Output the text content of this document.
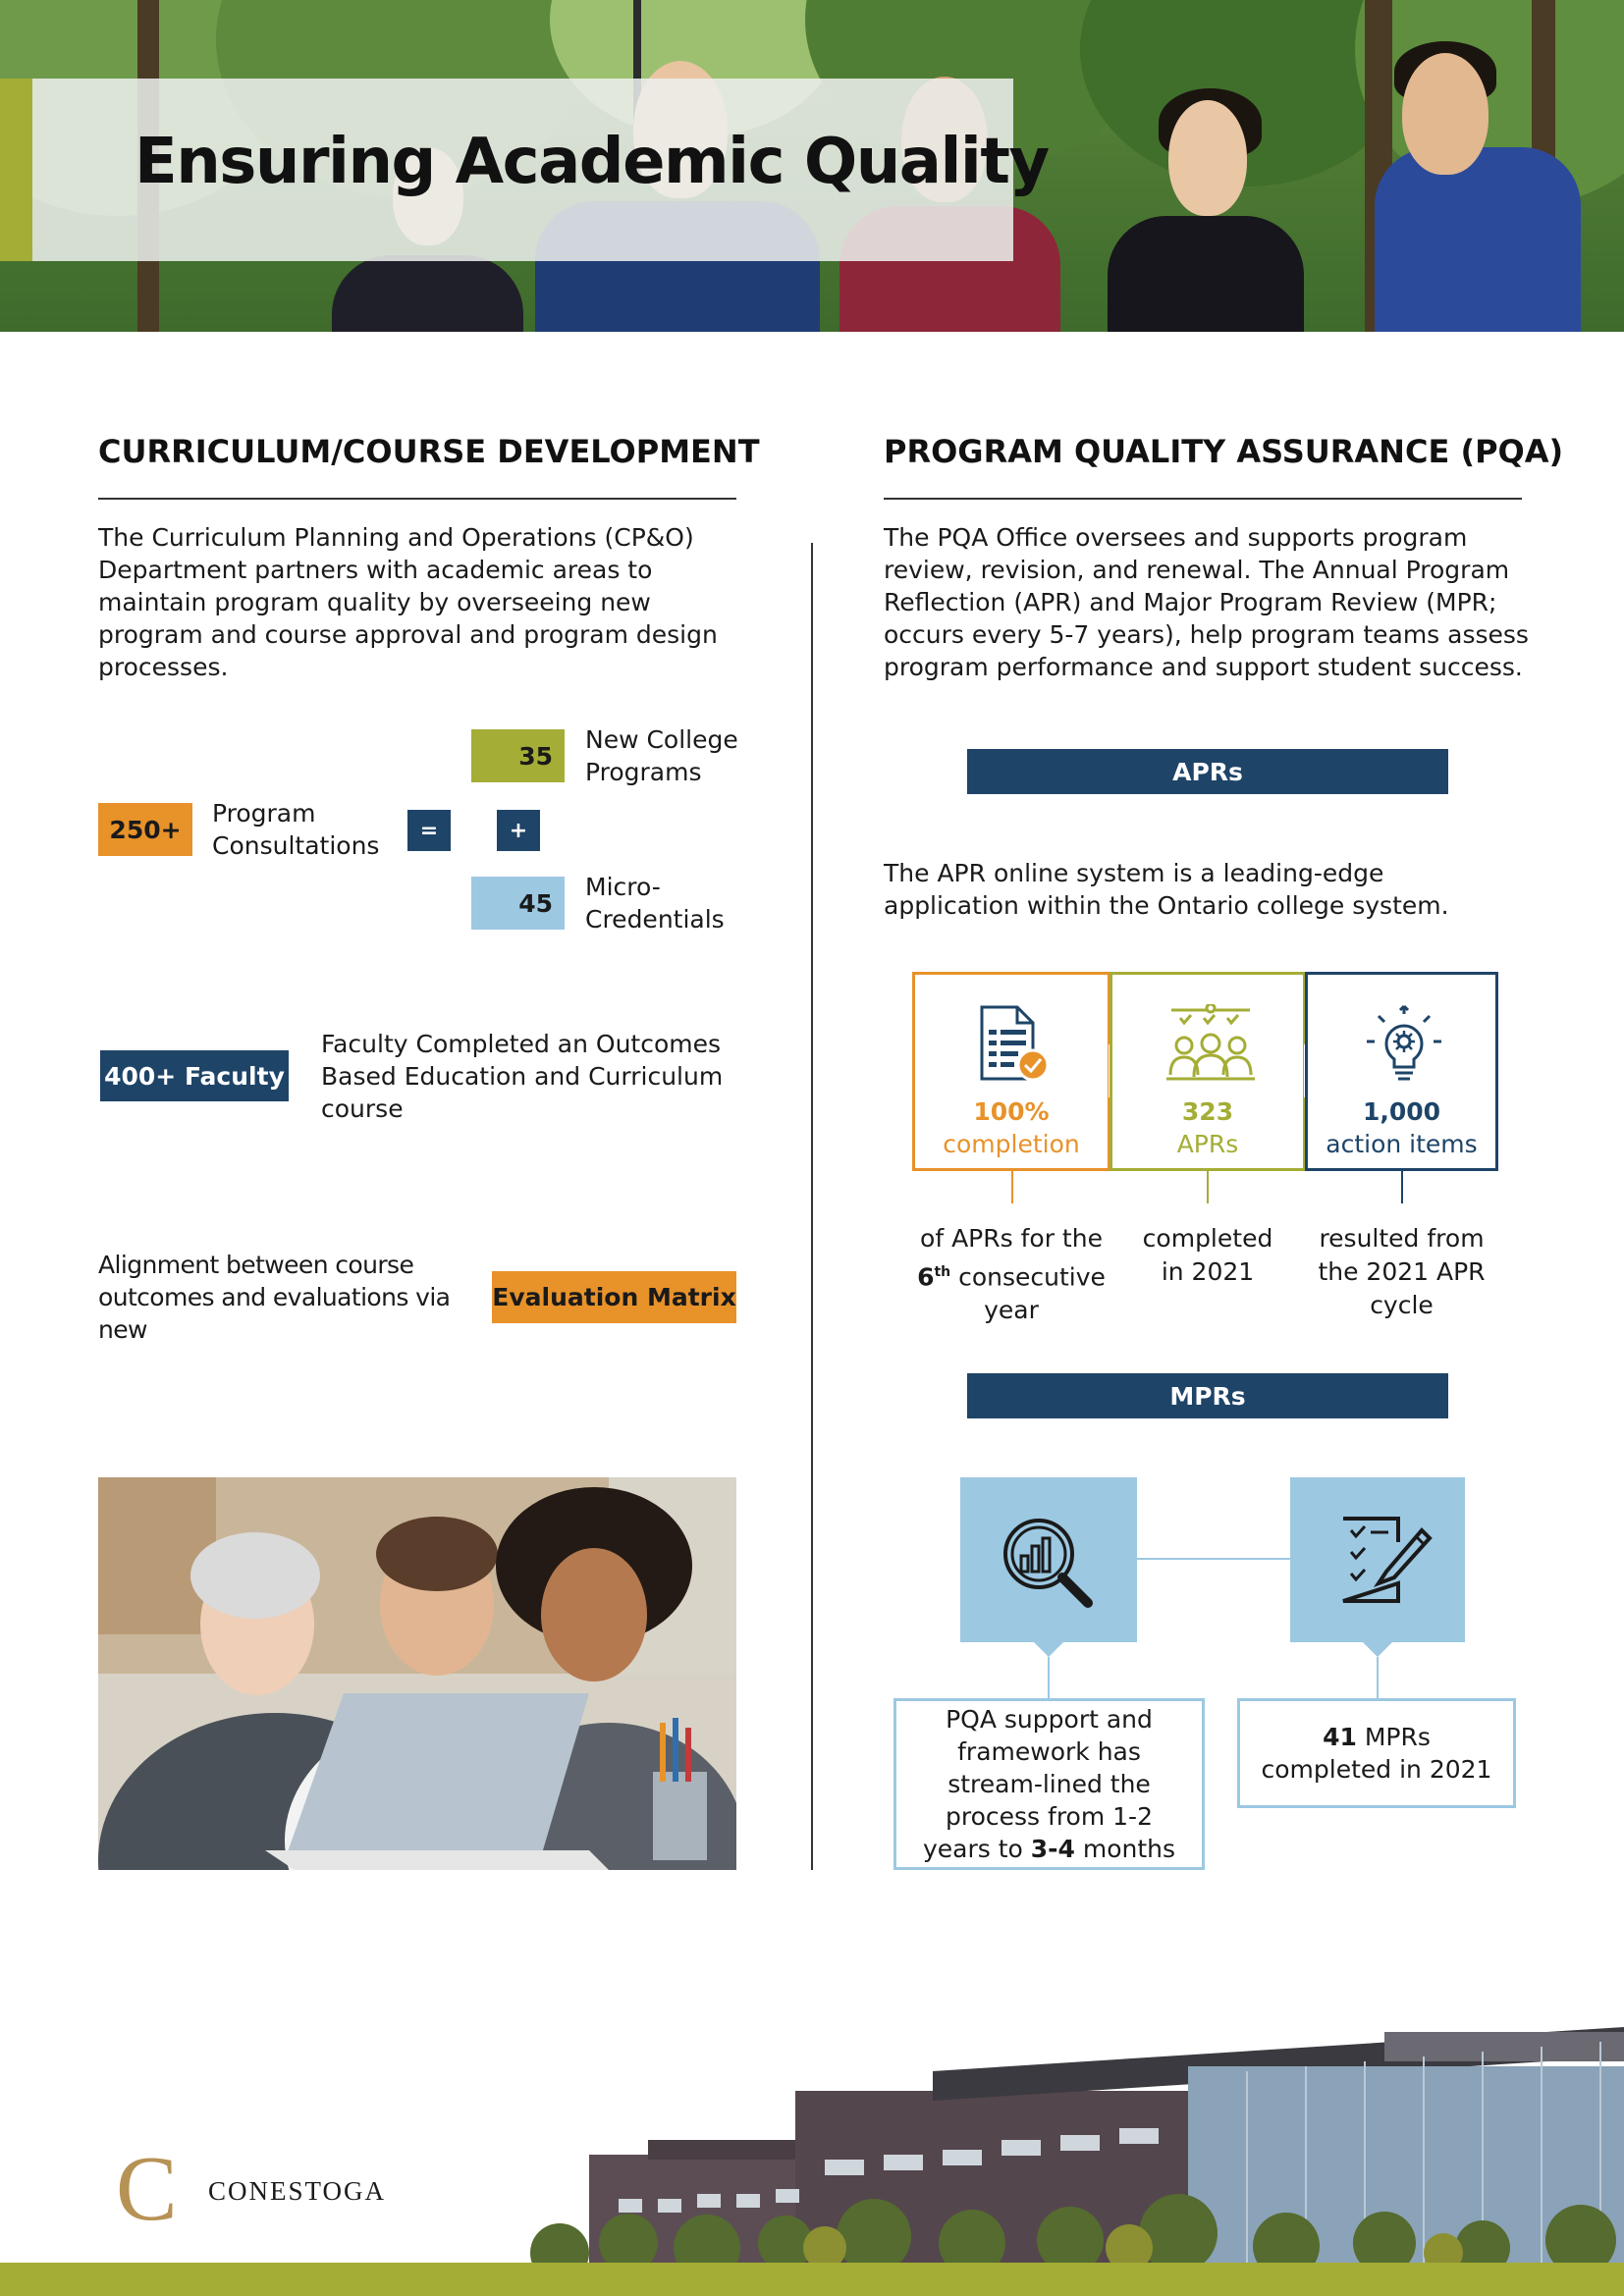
Ensuring Academic Quality
CURRICULUM/COURSE DEVELOPMENT
The Curriculum Planning and Operations (CP&O) Department partners with academic areas to maintain program quality by overseeing new program and course approval and program design processes.
250+
Program Consultations
=	+
35
New College Programs
45
Micro-Credentials
400+ Faculty
Faculty Completed an Outcomes Based Education and Curriculum course
Alignment between course outcomes and evaluations via new
Evaluation Matrix
PROGRAM QUALITY ASSURANCE (PQA)
The PQA Office oversees and supports program review, revision, and renewal. The Annual Program Reflection (APR) and Major Program Review (MPR; occurs every 5-7 years), help program teams assess program performance and support student success.
APRs
The APR online system is a leading-edge application within the Ontario college system.
100%
completion
323
APRs
1,000
action items
of APRs for the
6th consecutive
year
completed in 2021
resulted from the 2021 APR cycle
MPRs
PQA support and framework has stream-lined the process from 1-2 years to 3-4 months
41 MPRs completed in 2021
C CONESTOGA
